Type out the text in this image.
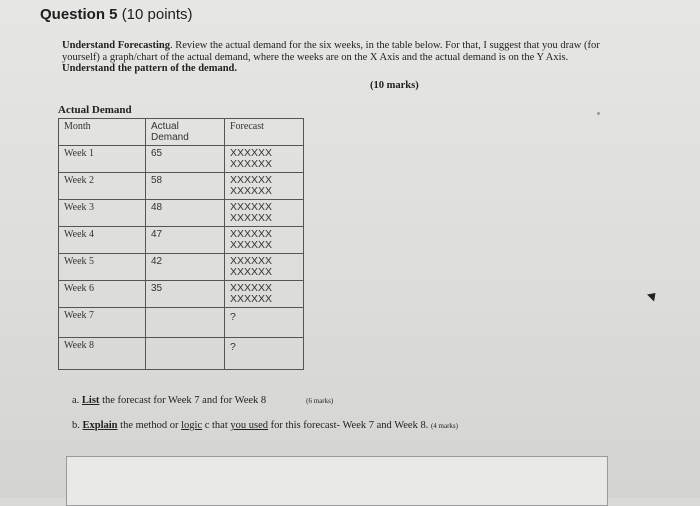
Question 5 (10 points)
Understand Forecasting. Review the actual demand for the six weeks, in the table below. For that, I suggest that you draw (for yourself) a graph/chart of the actual demand, where the weeks are on the X Axis and the actual demand is on the Y Axis. Understand the pattern of the demand.
(10 marks)
Actual Demand
Month	Actual Demand	Forecast
Week 1	65	XXXXXX XXXXXX
Week 2	58	XXXXXX XXXXXX
Week 3	48	XXXXXX XXXXXX
Week 4	47	XXXXXX XXXXXX
Week 5	42	XXXXXX XXXXXX
Week 6	35	XXXXXX XXXXXX
Week 7		?
Week 8		?
a. List the forecast for Week 7 and for Week 8	(6 marks)
b. Explain the method or logic c that you used for this forecast- Week 7 and Week 8. (4 marks)
